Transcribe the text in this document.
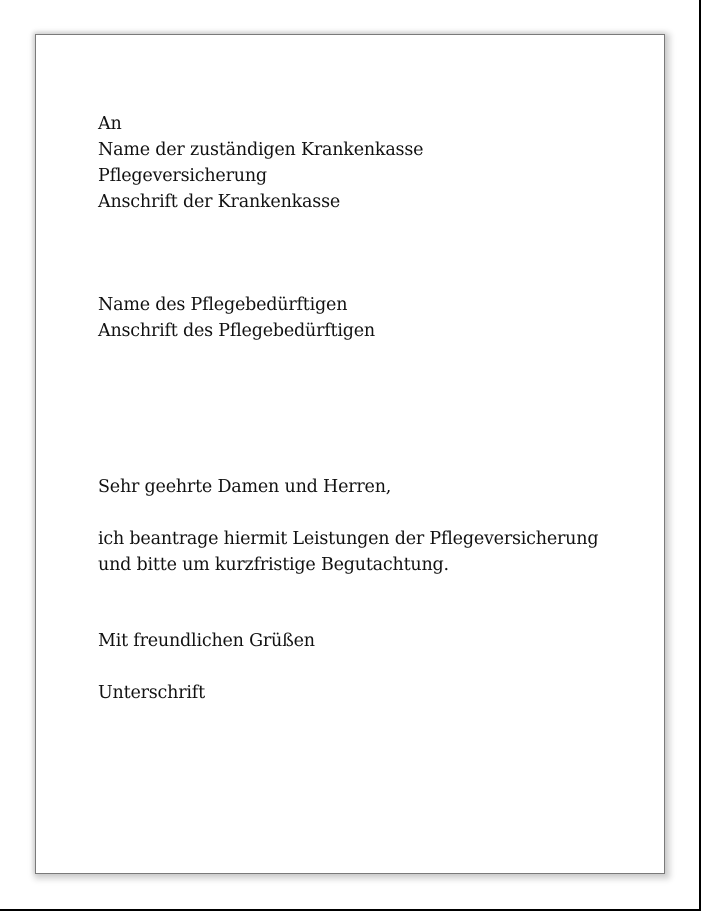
An
Name der zuständigen Krankenkasse
Pflegeversicherung
Anschrift der Krankenkasse
Name des Pflegebedürftigen
Anschrift des Pflegebedürftigen
Sehr geehrte Damen und Herren,
ich beantrage hiermit Leistungen der Pflegeversicherung
und bitte um kurzfristige Begutachtung.
Mit freundlichen Grüßen
Unterschrift
